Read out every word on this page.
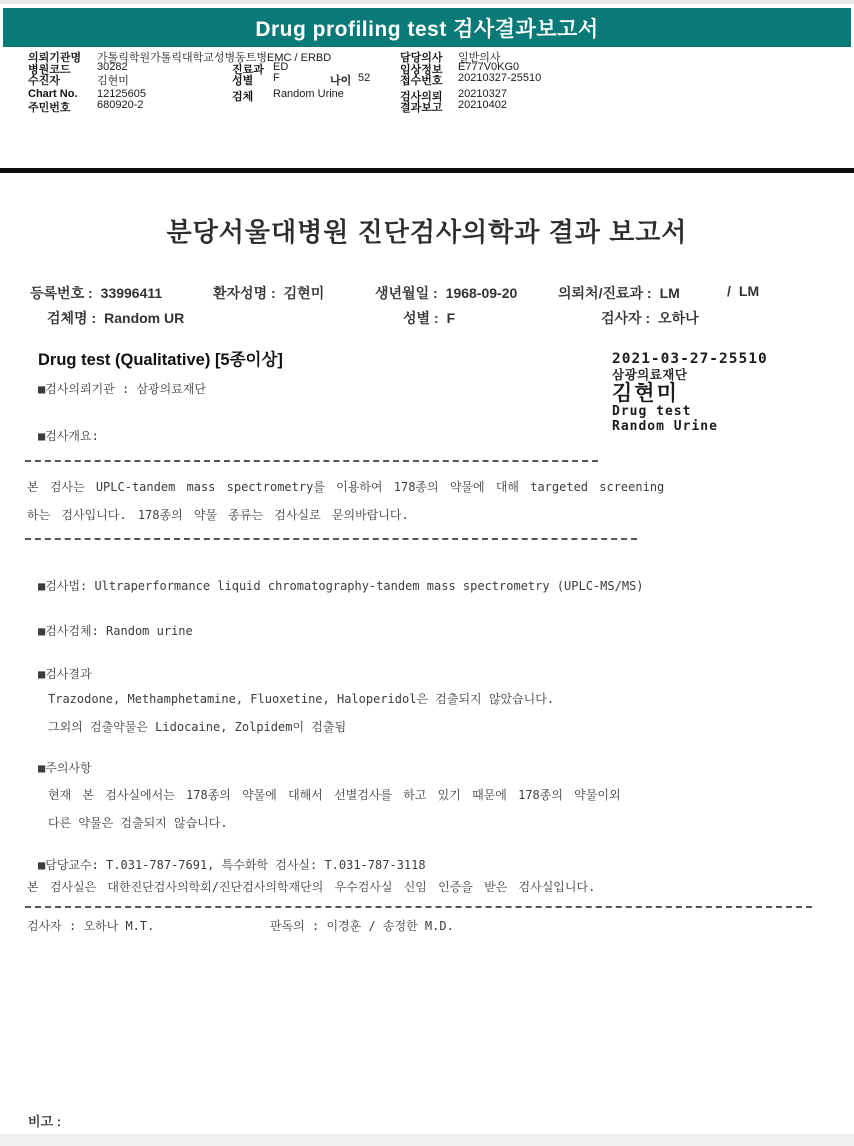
Drug profiling test 검사결과보고서
의뢰기관명 가톨릭학원가톨릭대학교성병동트병EMC / ERBD
병원코드 30282
수진자	김현미
Chart No. 12125605
주민번호 680920-2
진료과 ED
성별 F	나이 52
검체 Random Urine
담당의사 일반의사
임상정보 E777V0KG0
접수번호 20210327-25510
검사의뢰 20210327
결과보고 20210402
분당서울대병원 진단검사의학과 결과 보고서
등록번호 : 33996411	환자성명 : 김현미	생년월일 : 1968-09-20	의뢰처/진료과 : LM	/ LM
검체명 : Random UR	성별 : F	검사자 : 오하나
Drug test (Qualitative) [5종이상]	2021-03-27-25510
삼광의료재단
김현미
Drug test
Random Urine
■검사의뢰기관 : 삼광의료재단
■검사개요:
본 검사는 UPLC-tandem mass spectrometry를 이용하여 178종의 약물에 대해 targeted screening
하는 검사입니다. 178종의 약물 종류는 검사실로 문의바랍니다.
■검사법: Ultraperformance liquid chromatography-tandem mass spectrometry (UPLC-MS/MS)
■검사검체: Random urine
■검사결과
Trazodone, Methamphetamine, Fluoxetine, Haloperidol은 검출되지 않았습니다.
그외의 검출약물은 Lidocaine, Zolpidem이 검출됨
■주의사항
현재 본 검사실에서는 178종의 약물에 대해서 선별검사를 하고 있기 때문에 178종의 약물이외
다른 약물은 검출되지 않습니다.
■담당교수: T.031-787-7691, 특수화학 검사실: T.031-787-3118
본 검사실은 대한진단검사의학회/진단검사의학재단의 우수검사실 신임 인증을 받은 검사실입니다.
검사자 : 오하나 M.T.	판독의 : 이경훈 / 송정한 M.D.
비고 :
